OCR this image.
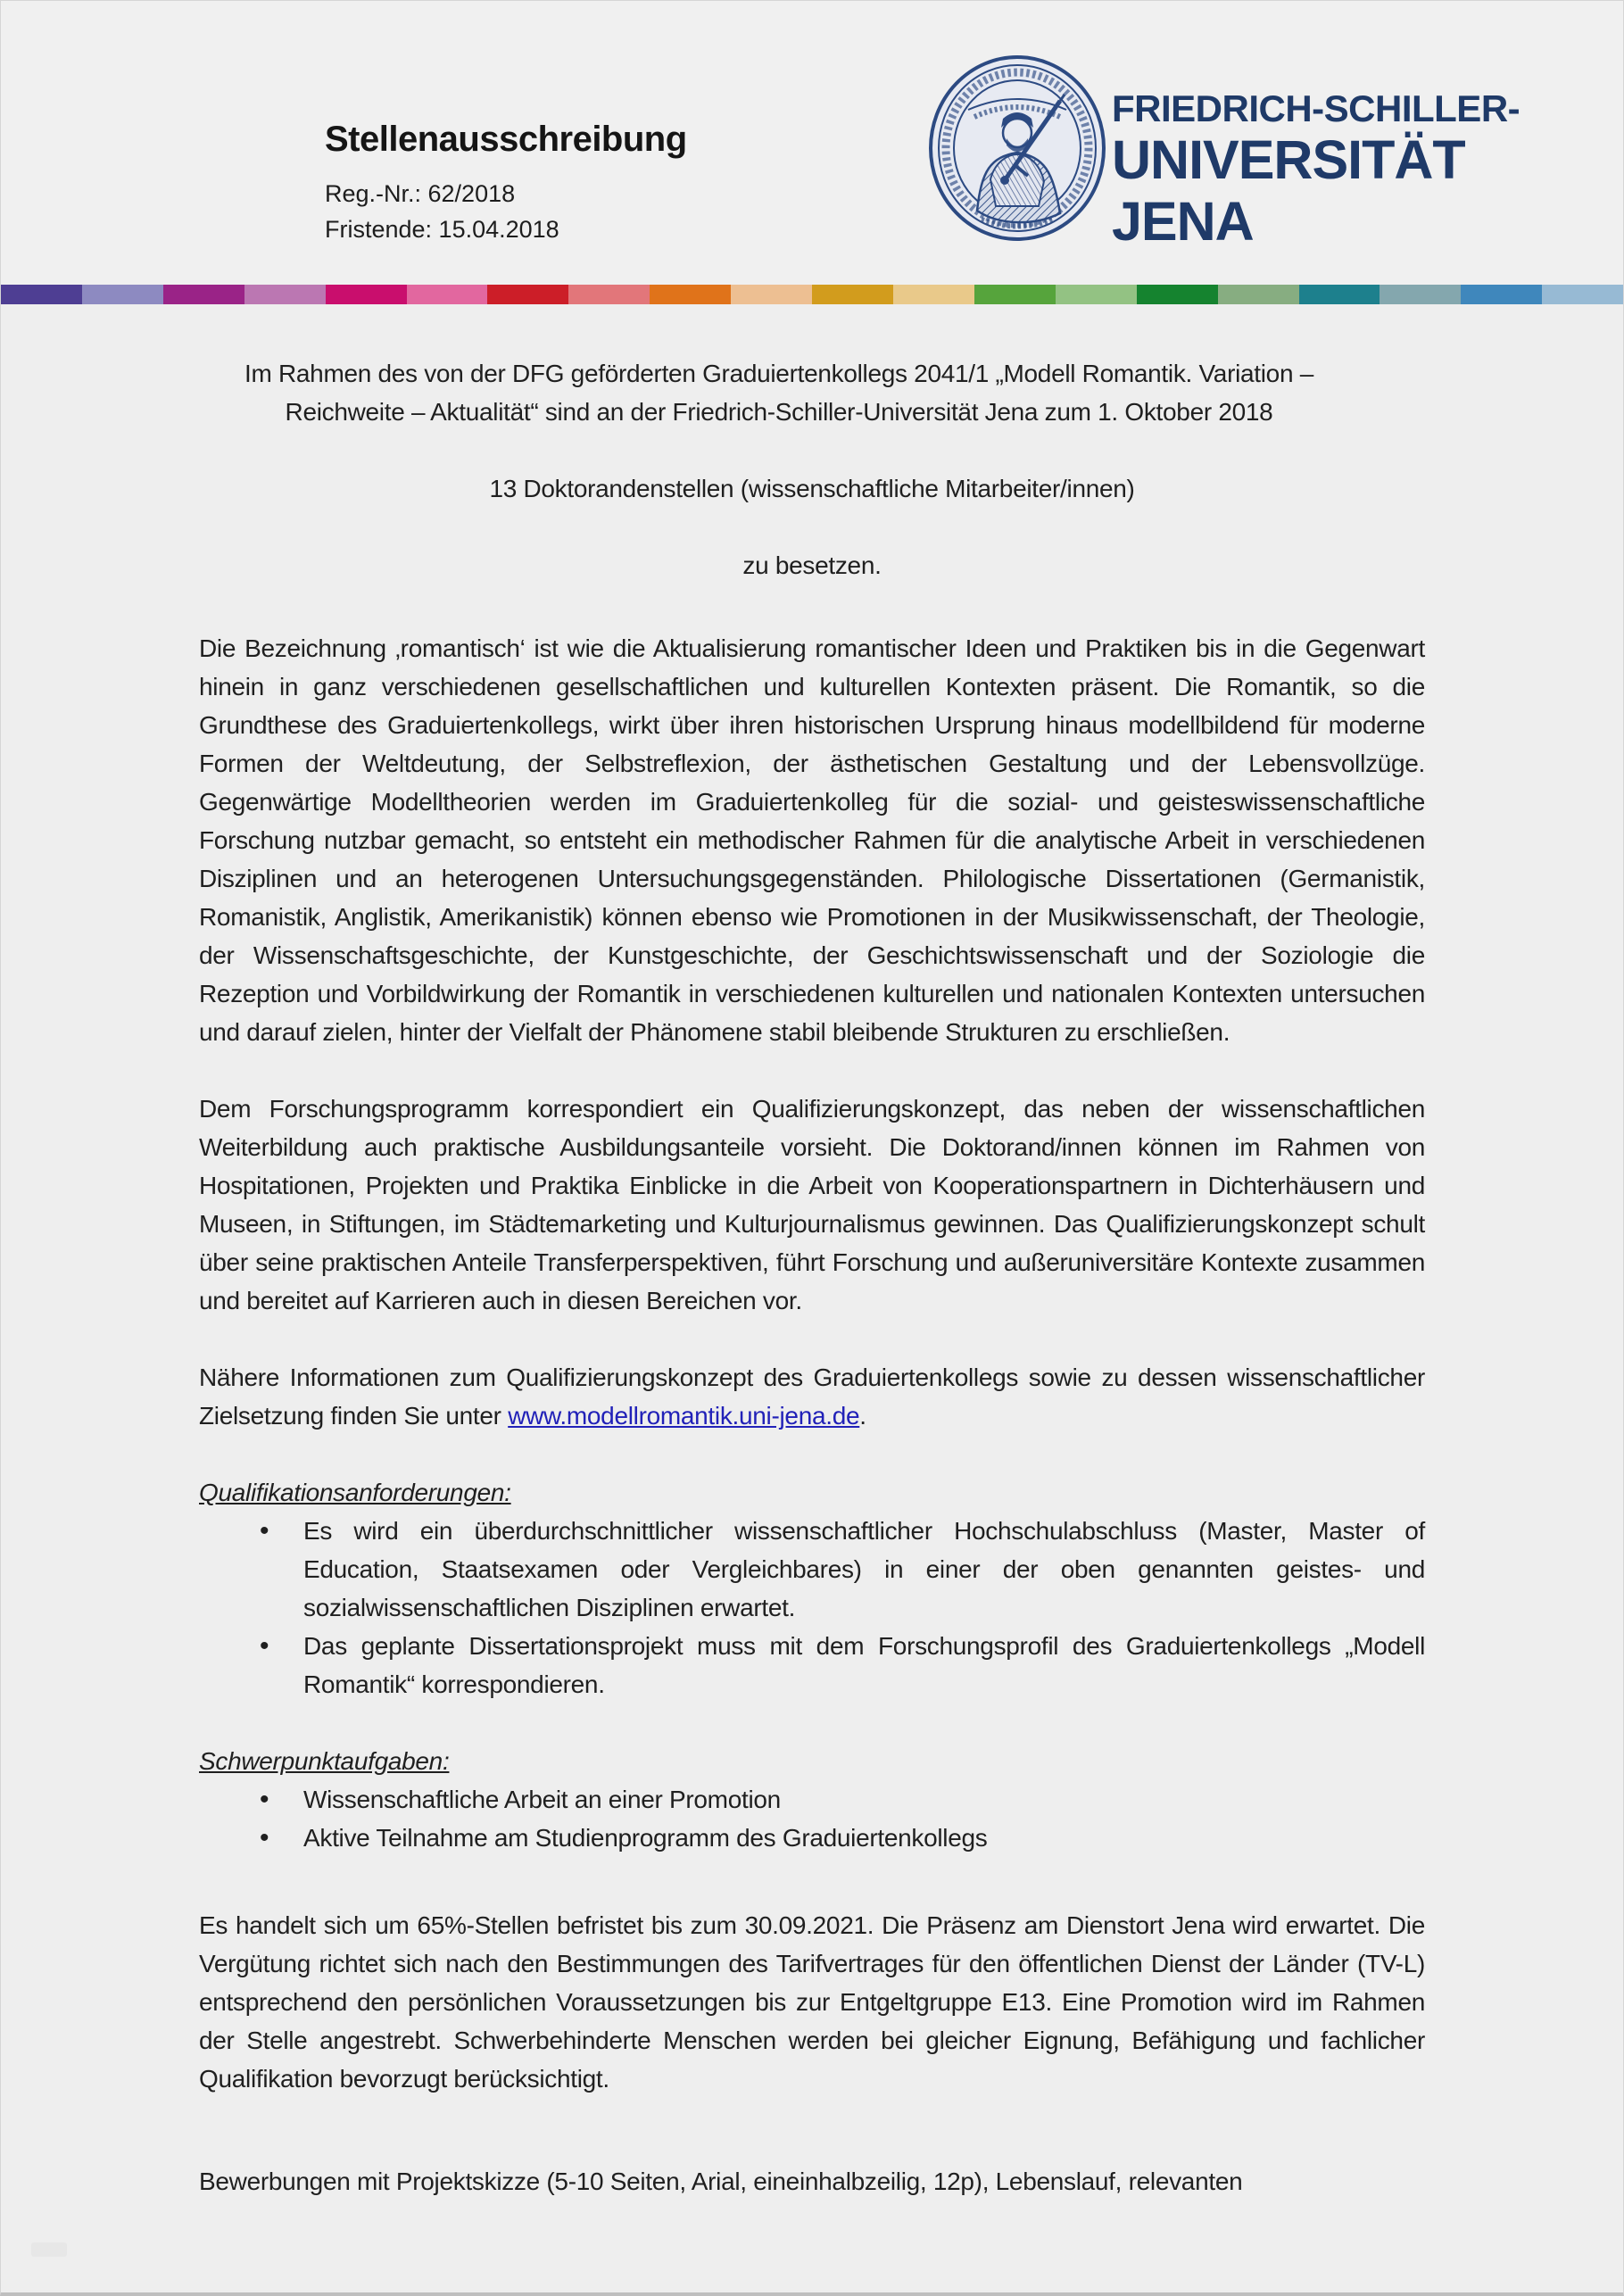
Stellenausschreibung
Reg.-Nr.: 62/2018
Fristende: 15.04.2018
FRIEDRICH-SCHILLER-
UNIVERSITÄT
JENA

Im Rahmen des von der DFG geförderten Graduiertenkollegs 2041/1 „Modell Romantik. Variation – Reichweite – Aktualität“ sind an der Friedrich-Schiller-Universität Jena zum 1. Oktober 2018

13 Doktorandenstellen (wissenschaftliche Mitarbeiter/innen)

zu besetzen.

Die Bezeichnung ‚romantisch‘ ist wie die Aktualisierung romantischer Ideen und Praktiken bis in die Gegenwart hinein in ganz verschiedenen gesellschaftlichen und kulturellen Kontexten präsent. Die Romantik, so die Grundthese des Graduiertenkollegs, wirkt über ihren historischen Ursprung hinaus modellbildend für moderne Formen der Weltdeutung, der Selbstreflexion, der ästhetischen Gestaltung und der Lebensvollzüge. Gegenwärtige Modelltheorien werden im Graduiertenkolleg für die sozial- und geisteswissenschaftliche Forschung nutzbar gemacht, so entsteht ein methodischer Rahmen für die analytische Arbeit in verschiedenen Disziplinen und an heterogenen Untersuchungsgegenständen. Philologische Dissertationen (Germanistik, Romanistik, Anglistik, Amerikanistik) können ebenso wie Promotionen in der Musikwissenschaft, der Theologie, der Wissenschaftsgeschichte, der Kunstgeschichte, der Geschichtswissenschaft und der Soziologie die Rezeption und Vorbildwirkung der Romantik in verschiedenen kulturellen und nationalen Kontexten untersuchen und darauf zielen, hinter der Vielfalt der Phänomene stabil bleibende Strukturen zu erschließen.

Dem Forschungsprogramm korrespondiert ein Qualifizierungskonzept, das neben der wissenschaftlichen Weiterbildung auch praktische Ausbildungsanteile vorsieht. Die Doktorand/innen können im Rahmen von Hospitationen, Projekten und Praktika Einblicke in die Arbeit von Kooperationspartnern in Dichterhäusern und Museen, in Stiftungen, im Städtemarketing und Kulturjournalismus gewinnen. Das Qualifizierungskonzept schult über seine praktischen Anteile Transferperspektiven, führt Forschung und außeruniversitäre Kontexte zusammen und bereitet auf Karrieren auch in diesen Bereichen vor.

Nähere Informationen zum Qualifizierungskonzept des Graduiertenkollegs sowie zu dessen wissenschaftlicher Zielsetzung finden Sie unter www.modellromantik.uni-jena.de.

Qualifikationsanforderungen:
• Es wird ein überdurchschnittlicher wissenschaftlicher Hochschulabschluss (Master, Master of Education, Staatsexamen oder Vergleichbares) in einer der oben genannten geistes- und sozialwissenschaftlichen Disziplinen erwartet.
• Das geplante Dissertationsprojekt muss mit dem Forschungsprofil des Graduiertenkollegs „Modell Romantik“ korrespondieren.
Schwerpunktaufgaben:
• Wissenschaftliche Arbeit an einer Promotion
• Aktive Teilnahme am Studienprogramm des Graduiertenkollegs

Es handelt sich um 65%-Stellen befristet bis zum 30.09.2021. Die Präsenz am Dienstort Jena wird erwartet. Die Vergütung richtet sich nach den Bestimmungen des Tarifvertrages für den öffentlichen Dienst der Länder (TV-L) entsprechend den persönlichen Voraussetzungen bis zur Entgeltgruppe E13. Eine Promotion wird im Rahmen der Stelle angestrebt. Schwerbehinderte Menschen werden bei gleicher Eignung, Befähigung und fachlicher Qualifikation bevorzugt berücksichtigt.

Bewerbungen mit Projektskizze (5-10 Seiten, Arial, eineinhalbzeilig, 12p), Lebenslauf, relevanten
